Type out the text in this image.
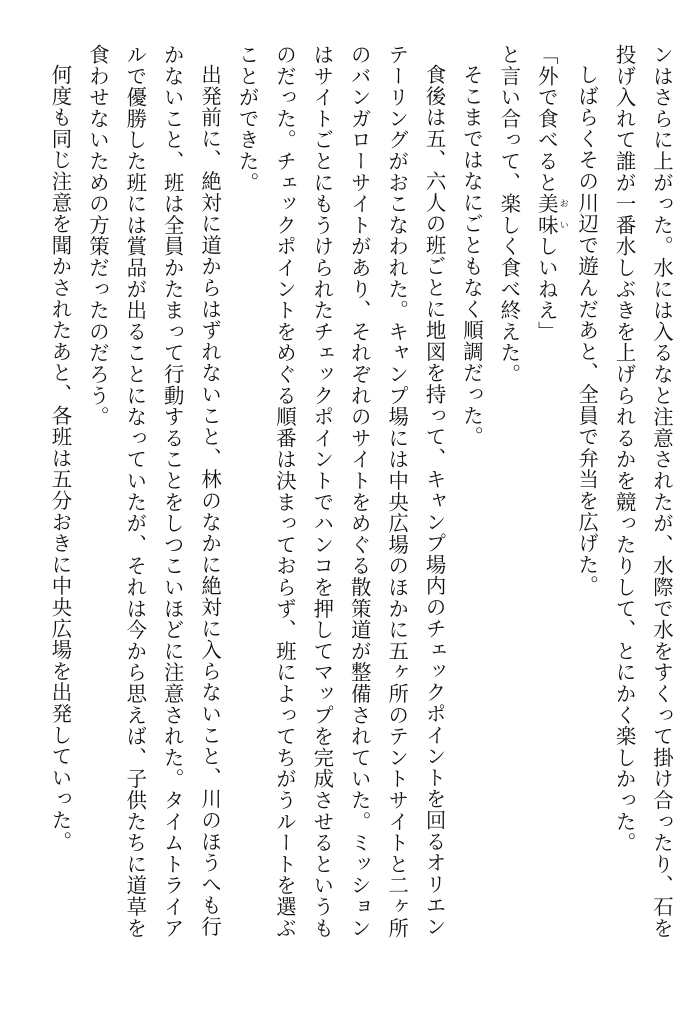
ンはさらに上がった。水には入るなと注意されたが、水際で水をすくって掛け合ったり、石を
投げ入れて誰が一番水しぶきを上げられるかを競ったりして、とにかく楽しかった。
しばらくその川辺で遊んだあと、全員で弁当を広げた。
「外で食べると美味 おいしいねえ」
と言い合って、楽しく食べ終えた。
そこまではなにごともなく順調だった。
食後は五、六人の班ごとに地図を持って、キャンプ場内のチェックポイントを回るオリエン
テーリングがおこなわれた。キャンプ場には中央広場のほかに五ヶ所のテントサイトと二ヶ所
のバンガローサイトがあり、それぞれのサイトをめぐる散策道が整備されていた。ミッション
はサイトごとにもうけられたチェックポイントでハンコを押してマップを完成させるというも
のだった。チェックポイントをめぐる順番は決まっておらず、班によってちがうルートを選ぶ
ことができた。
出発前に、絶対に道からはずれないこと、林のなかに絶対に入らないこと、川のほうへも行
かないこと、班は全員かたまって行動することをしつこいほどに注意された。タイムトライア
ルで優勝した班には賞品が出ることになっていたが、それは今から思えば、子供たちに道草を
食わせないための方策だったのだろう。
何度も同じ注意を聞かされたあと、各班は五分おきに中央広場を出発していった。
